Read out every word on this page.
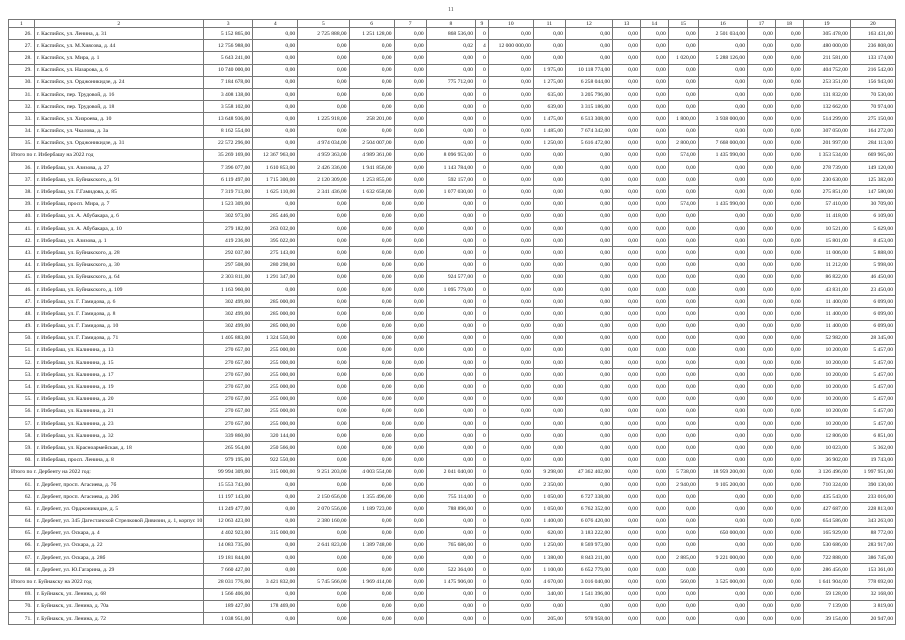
11
1	2	3	4	5	6	7	8	9	10	11	12	13	14	15	16	17	18	19	20
26.	г. Каспийск, ул. Ленина, д. 31	5 152 865,00	0,00	2 725 888,00	1 251 128,00	0,00	868 536,00	0	0,00	0,00	0,00	0,00	0,00	0,00	2 501 034,00	0,00	0,00	305 478,00	163 431,00
27.	г. Каспийск, ул. М.Хиясова, д. 44	12 756 988,00	0,00	0,00	0,00	0,00	0,02	4	12 000 000,00	0,00	0,00	0,00	0,00	0,00	0,00	0,00	0,00	480 000,00	236 808,00
28.	г. Каспийск, ул. Мира, д. 1	5 643 241,00	0,00	0,00	0,00	0,00	0,00	0	0,00	0,00	0,00	0,00	0,00	1 020,00	5 288 126,00	0,00	0,00	211 581,00	133 174,00
29.	г. Каспийск, ул. Назарова, д. 6	10 740 000,00	0,00	0,00	0,00	0,00	0,00	0	0,00	1 975,00	10 118 774,00	0,00	0,00	0,00	0,00	0,00	0,00	404 752,00	216 542,00
30.	г. Каспийск, ул. Орджоникидзе, д. 24	7 184 678,00	0,00	0,00	0,00	0,00	775 712,00	0	0,00	1 275,00	6 258 044,00	0,00	0,00	0,00	0,00	0,00	0,00	253 351,00	156 943,00
31.	г. Каспийск, пер. Трудовой, д. 16	3 408 138,00	0,00	0,00	0,00	0,00	0,00	0	0,00	635,00	3 205 796,00	0,00	0,00	0,00	0,00	0,00	0,00	131 832,00	70 530,00
32.	г. Каспийск, пер. Трудовой, д. 18	3 558 102,00	0,00	0,00	0,00	0,00	0,00	0	0,00	639,00	3 315 186,00	0,00	0,00	0,00	0,00	0,00	0,00	132 662,00	70 974,00
33.	г. Каспийск, ул. Хизроева, д. 10	13 648 936,00	0,00	1 225 918,00	258 201,00	0,00	0,00	0	0,00	1 475,00	6 513 308,00	0,00	0,00	1 800,00	3 938 000,00	0,00	0,00	514 299,00	275 150,00
34.	г. Каспийск, ул. Чкалова, д. 3а	8 162 554,00	0,00	0,00	0,00	0,00	0,00	0	0,00	1 485,00	7 674 342,00	0,00	0,00	0,00	0,00	0,00	0,00	307 050,00	164 272,00
35.	г. Каспийск, ул. Орджоникидзе, д. 31	22 572 296,00	0,00	4 974 034,00	2 504 007,00	0,00	0,00	0	0,00	1 250,00	5 616 472,00	0,00	0,00	2 800,00	7 668 000,00	0,00	0,00	201 997,00	284 113,00
Итого по г. Избербашу на 2022 год		35 269 169,00	12 367 963,00	4 959 363,00	4 989 361,00	0,00	8 096 953,00	0	0,00	0,00	0,00	0,00	0,00	574,00	1 435 990,00	0,00	0,00	1 353 534,00	669 965,00
36.	г. Избербаш, ул. Азизова, д. 27	7 396 077,00	1 610 853,00	2 426 336,00	1 941 856,00	0,00	1 143 784,00	0	0,00	0,00	0,00	0,00	0,00	0,00	0,00	0,00	0,00	278 739,00	149 120,00
37.	г. Избербаш, ул. Буйнакского, д. 91	6 119 497,00	1 715 300,00	2 120 309,00	1 253 855,00	0,00	592 157,00	0	0,00	0,00	0,00	0,00	0,00	0,00	0,00	0,00	0,00	230 630,00	125 382,00
38.	г. Избербаш, ул. Г.Гамидова, д. 85	7 319 713,00	1 625 110,00	2 341 436,00	1 632 658,00	0,00	1 077 030,00	0	0,00	0,00	0,00	0,00	0,00	0,00	0,00	0,00	0,00	275 851,00	147 580,00
39.	г. Избербаш, просп. Мира, д. 7	1 523 309,00	0,00	0,00	0,00	0,00	0,00	0	0,00	0,00	0,00	0,00	0,00	574,00	1 435 990,00	0,00	0,00	57 410,00	30 709,00
40.	г. Избербаш, ул. А. Абубакара, д. 6	302 973,00	285 446,00	0,00	0,00	0,00	0,00	0	0,00	0,00	0,00	0,00	0,00	0,00	0,00	0,00	0,00	11 418,00	6 109,00
41.	г. Избербаш, ул. А. Абубакара, д. 10	279 182,00	263 032,00	0,00	0,00	0,00	0,00	0	0,00	0,00	0,00	0,00	0,00	0,00	0,00	0,00	0,00	10 521,00	5 629,00
42.	г. Избербаш, ул. Азизова, д. 1	419 236,00	395 022,00	0,00	0,00	0,00	0,00	0	0,00	0,00	0,00	0,00	0,00	0,00	0,00	0,00	0,00	15 801,00	8 453,00
43.	г. Избербаш, ул. Буйнакского, д. 28	292 037,00	275 143,00	0,00	0,00	0,00	0,00	0	0,00	0,00	0,00	0,00	0,00	0,00	0,00	0,00	0,00	11 006,00	5 888,00
44.	г. Избербаш, ул. Буйнакского, д. 30	297 508,00	280 298,00	0,00	0,00	0,00	0,00	0	0,00	0,00	0,00	0,00	0,00	0,00	0,00	0,00	0,00	11 212,00	5 998,00
45.	г. Избербаш, ул. Буйнакского, д. 64	2 303 811,00	1 291 347,00	0,00	0,00	0,00	924 577,00	0	0,00	0,00	0,00	0,00	0,00	0,00	0,00	0,00	0,00	86 822,00	46 450,00
46.	г. Избербаш, ул. Буйнакского, д. 109	1 163 960,00	0,00	0,00	0,00	0,00	1 095 779,00	0	0,00	0,00	0,00	0,00	0,00	0,00	0,00	0,00	0,00	43 831,00	23 450,00
47.	г. Избербаш, ул. Г. Гамидова, д. 6	302 499,00	285 000,00	0,00	0,00	0,00	0,00	0	0,00	0,00	0,00	0,00	0,00	0,00	0,00	0,00	0,00	11 400,00	6 099,00
48.	г. Избербаш, ул. Г. Гамидова, д. 8	302 499,00	285 000,00	0,00	0,00	0,00	0,00	0	0,00	0,00	0,00	0,00	0,00	0,00	0,00	0,00	0,00	11 400,00	6 099,00
49.	г. Избербаш, ул. Г. Гамидова, д. 10	302 499,00	285 000,00	0,00	0,00	0,00	0,00	0	0,00	0,00	0,00	0,00	0,00	0,00	0,00	0,00	0,00	11 400,00	6 099,00
50.	г. Избербаш, ул. Г. Гамидова, д. 71	1 405 883,00	1 324 550,00	0,00	0,00	0,00	0,00	0	0,00	0,00	0,00	0,00	0,00	0,00	0,00	0,00	0,00	52 982,00	28 345,00
51.	г. Избербаш, ул. Калинина, д. 13	270 657,00	255 000,00	0,00	0,00	0,00	0,00	0	0,00	0,00	0,00	0,00	0,00	0,00	0,00	0,00	0,00	10 200,00	5 457,00
52.	г. Избербаш, ул. Калинина, д. 15	270 657,00	255 000,00	0,00	0,00	0,00	0,00	0	0,00	0,00	0,00	0,00	0,00	0,00	0,00	0,00	0,00	10 200,00	5 457,00
53.	г. Избербаш, ул. Калинина, д. 17	270 657,00	255 000,00	0,00	0,00	0,00	0,00	0	0,00	0,00	0,00	0,00	0,00	0,00	0,00	0,00	0,00	10 200,00	5 457,00
54.	г. Избербаш, ул. Калинина, д. 19	270 657,00	255 000,00	0,00	0,00	0,00	0,00	0	0,00	0,00	0,00	0,00	0,00	0,00	0,00	0,00	0,00	10 200,00	5 457,00
55.	г. Избербаш, ул. Калинина, д. 20	270 657,00	255 000,00	0,00	0,00	0,00	0,00	0	0,00	0,00	0,00	0,00	0,00	0,00	0,00	0,00	0,00	10 200,00	5 457,00
56.	г. Избербаш, ул. Калинина, д. 21	270 657,00	255 000,00	0,00	0,00	0,00	0,00	0	0,00	0,00	0,00	0,00	0,00	0,00	0,00	0,00	0,00	10 200,00	5 457,00
57.	г. Избербаш, ул. Калинина, д. 23	270 657,00	255 000,00	0,00	0,00	0,00	0,00	0	0,00	0,00	0,00	0,00	0,00	0,00	0,00	0,00	0,00	10 200,00	5 457,00
58.	г. Избербаш, ул. Калинина, д. 32	339 860,00	320 144,00	0,00	0,00	0,00	0,00	0	0,00	0,00	0,00	0,00	0,00	0,00	0,00	0,00	0,00	12 806,00	6 851,00
59.	г. Избербаш, ул. Красноармейская, д. 18	265 954,00	250 566,00	0,00	0,00	0,00	0,00	0	0,00	0,00	0,00	0,00	0,00	0,00	0,00	0,00	0,00	10 023,00	5 362,00
60.	г. Избербаш, просп. Ленина, д. 8	979 195,00	922 550,00	0,00	0,00	0,00	0,00	0	0,00	0,00	0,00	0,00	0,00	0,00	0,00	0,00	0,00	36 902,00	19 743,00
Итого по г. Дербенту на 2022 год:		99 994 309,00	315 000,00	9 251 203,00	4 003 554,00	0,00	2 041 040,00	0	0,00	9 298,00	47 362 402,00	0,00	0,00	5 738,00	18 959 200,00	0,00	0,00	3 126 496,00	1 997 951,00
61.	г. Дербент, просп. Агасиева, д. 7б	15 553 743,00	0,00	0,00	0,00	0,00	0,00	0	0,00	2 350,00	0,00	0,00	0,00	2 940,00	9 105 200,00	0,00	0,00	710 324,00	390 130,00
62.	г. Дербент, просп. Агасиева, д. 20б	11 197 143,00	0,00	2 150 656,00	1 355 496,00	0,00	755 114,00	0	0,00	1 050,00	6 727 338,00	0,00	0,00	0,00	0,00	0,00	0,00	435 543,00	233 016,00
63.	г. Дербент, ул. Орджоникидзе, д. 5	11 249 477,00	0,00	2 070 556,00	1 189 723,00	0,00	788 896,00	0	0,00	1 050,00	6 762 352,00	0,00	0,00	0,00	0,00	0,00	0,00	427 687,00	228 813,00
64.	г. Дербент, ул. 345 Дагестанской Стрелковой Дивизии, д. 1, корпус 10	12 063 423,00	0,00	2 380 160,00	0,00	0,00	0,00	0	0,00	1 400,00	6 076 420,00	0,00	0,00	0,00	0,00	0,00	0,00	654 586,00	343 263,00
65.	г. Дербент, ул. Оскара, д. 4	4 402 923,00	315 000,00	0,00	0,00	0,00	0,00	0	0,00	620,00	3 183 222,00	0,00	0,00	0,00	650 000,00	0,00	0,00	165 929,00	88 772,00
66.	г. Дербент, ул. Оскара, д. 22	14 083 735,00	0,00	2 641 823,00	1 389 748,00	0,00	765 686,00	0	0,00	1 250,00	8 569 973,00	0,00	0,00	0,00	0,00	0,00	0,00	530 686,00	283 917,00
67.	г. Дербент, ул. Оскара, д. 28б	19 181 844,00	0,00	0,00	0,00	0,00	0,00	0	0,00	1 380,00	8 843 211,00	0,00	0,00	2 885,00	9 221 000,00	0,00	0,00	722 888,00	386 745,00
68.	г. Дербент, ул. Ю.Гагарина, д. 29	7 660 427,00	0,00	0,00	0,00	0,00	522 364,00	0	0,00	1 100,00	6 652 779,00	0,00	0,00	0,00	0,00	0,00	0,00	286 456,00	153 361,00
Итого по г. Буйнакску на 2022 год		28 031 776,00	3 421 832,00	5 745 566,00	1 969 414,00	0,00	1 475 906,00	0	0,00	4 670,00	3 016 040,00	0,00	0,00	560,00	3 525 000,00	0,00	0,00	1 641 904,00	778 692,00
69.	г. Буйнакск, ул. Ленина, д. 68	1 566 406,00	0,00	0,00	0,00	0,00	0,00	0	0,00	340,00	1 541 396,00	0,00	0,00	0,00	0,00	0,00	0,00	59 128,00	32 168,00
70.	г. Буйнакск, ул. Ленина, д. 70а	189 427,00	178 469,00	0,00	0,00	0,00	0,00	0	0,00	0,00	0,00	0,00	0,00	0,00	0,00	0,00	0,00	7 139,00	3 819,00
71.	г. Буйнакск, ул. Ленина, д. 72	1 038 951,00	0,00	0,00	0,00	0,00	0,00	0	0,00	205,00	978 958,00	0,00	0,00	0,00	0,00	0,00	0,00	39 154,00	20 947,00
